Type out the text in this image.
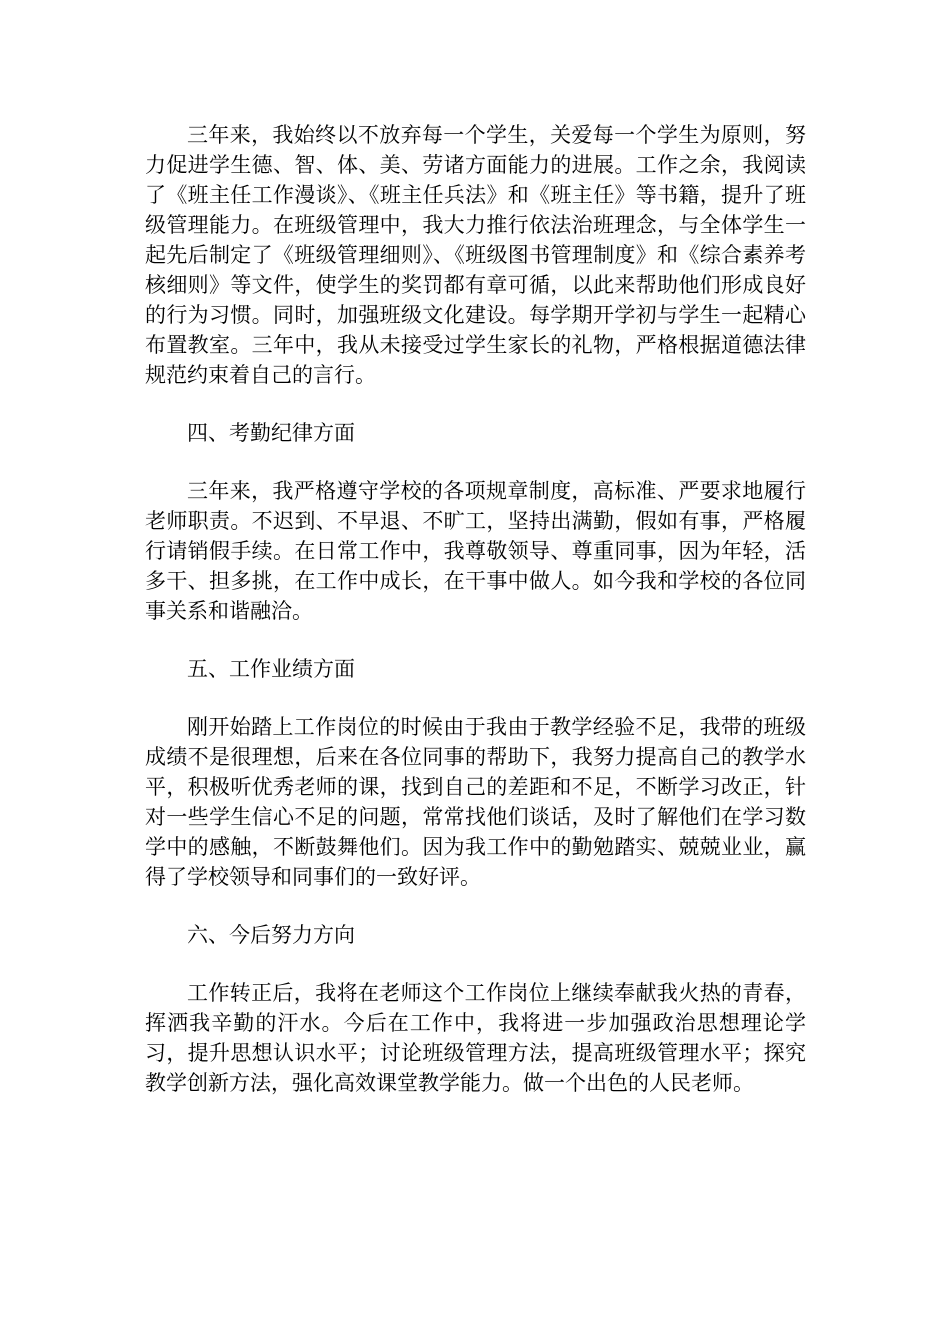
三年来，我始终以不放弃每一个学生，关爱每一个学生为原则，努力促进学生德、智、体、美、劳诸方面能力的进展。工作之余，我阅读了《班主任工作漫谈》、《班主任兵法》和《班主任》等书籍，提升了班级管理能力。在班级管理中，我大力推行依法治班理念，与全体学生一起先后制定了《班级管理细则》、《班级图书管理制度》和《综合素养考核细则》等文件，使学生的奖罚都有章可循，以此来帮助他们形成良好的行为习惯。同时，加强班级文化建设。每学期开学初与学生一起精心布置教室。三年中，我从未接受过学生家长的礼物，严格根据道德法律规范约束着自己的言行。

四、考勤纪律方面

三年来，我严格遵守学校的各项规章制度，高标准、严要求地履行老师职责。不迟到、不早退、不旷工，坚持出满勤，假如有事，严格履行请销假手续。在日常工作中，我尊敬领导、尊重同事，因为年轻，活多干、担多挑，在工作中成长，在干事中做人。如今我和学校的各位同事关系和谐融洽。

五、工作业绩方面

刚开始踏上工作岗位的时候由于我由于教学经验不足，我带的班级成绩不是很理想，后来在各位同事的帮助下，我努力提高自己的教学水平，积极听优秀老师的课，找到自己的差距和不足，不断学习改正，针对一些学生信心不足的问题，常常找他们谈话，及时了解他们在学习数学中的感触，不断鼓舞他们。因为我工作中的勤勉踏实、兢兢业业，赢得了学校领导和同事们的一致好评。

六、今后努力方向

工作转正后，我将在老师这个工作岗位上继续奉献我火热的青春，挥洒我辛勤的汗水。今后在工作中，我将进一步加强政治思想理论学习，提升思想认识水平；讨论班级管理方法，提高班级管理水平；探究教学创新方法，强化高效课堂教学能力。做一个出色的人民老师。
